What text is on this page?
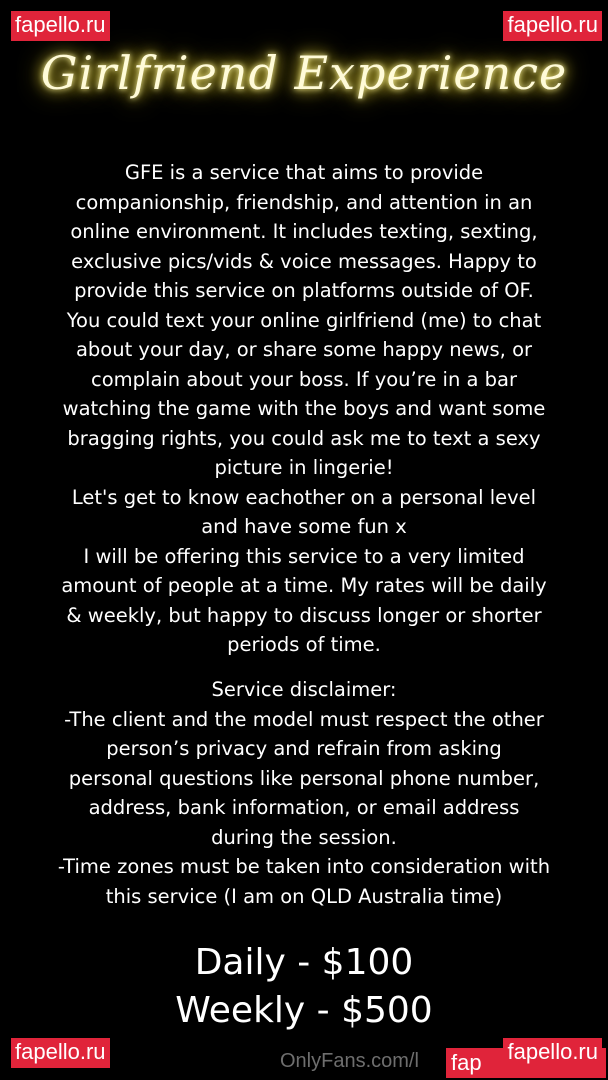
Girlfriend Experience
GFE is a service that aims to provide
companionship, friendship, and attention in an
online environment. It includes texting, sexting,
exclusive pics/vids & voice messages. Happy to
provide this service on platforms outside of OF.
You could text your online girlfriend (me) to chat
about your day, or share some happy news, or
complain about your boss. If you’re in a bar
watching the game with the boys and want some
bragging rights, you could ask me to text a sexy
picture in lingerie!
Let's get to know eachother on a personal level
and have some fun x
I will be offering this service to a very limited
amount of people at a time. My rates will be daily
& weekly, but happy to discuss longer or shorter
periods of time.
Service disclaimer:
-The client and the model must respect the other
person’s privacy and refrain from asking
personal questions like personal phone number,
address, bank information, or email address
during the session.
-Time zones must be taken into consideration with
this service (I am on QLD Australia time)
Daily - $100
Weekly - $500
OnlyFans.com/l
fapello.ru	fapello.ru
fap
fapello.ru	fapello.ru
